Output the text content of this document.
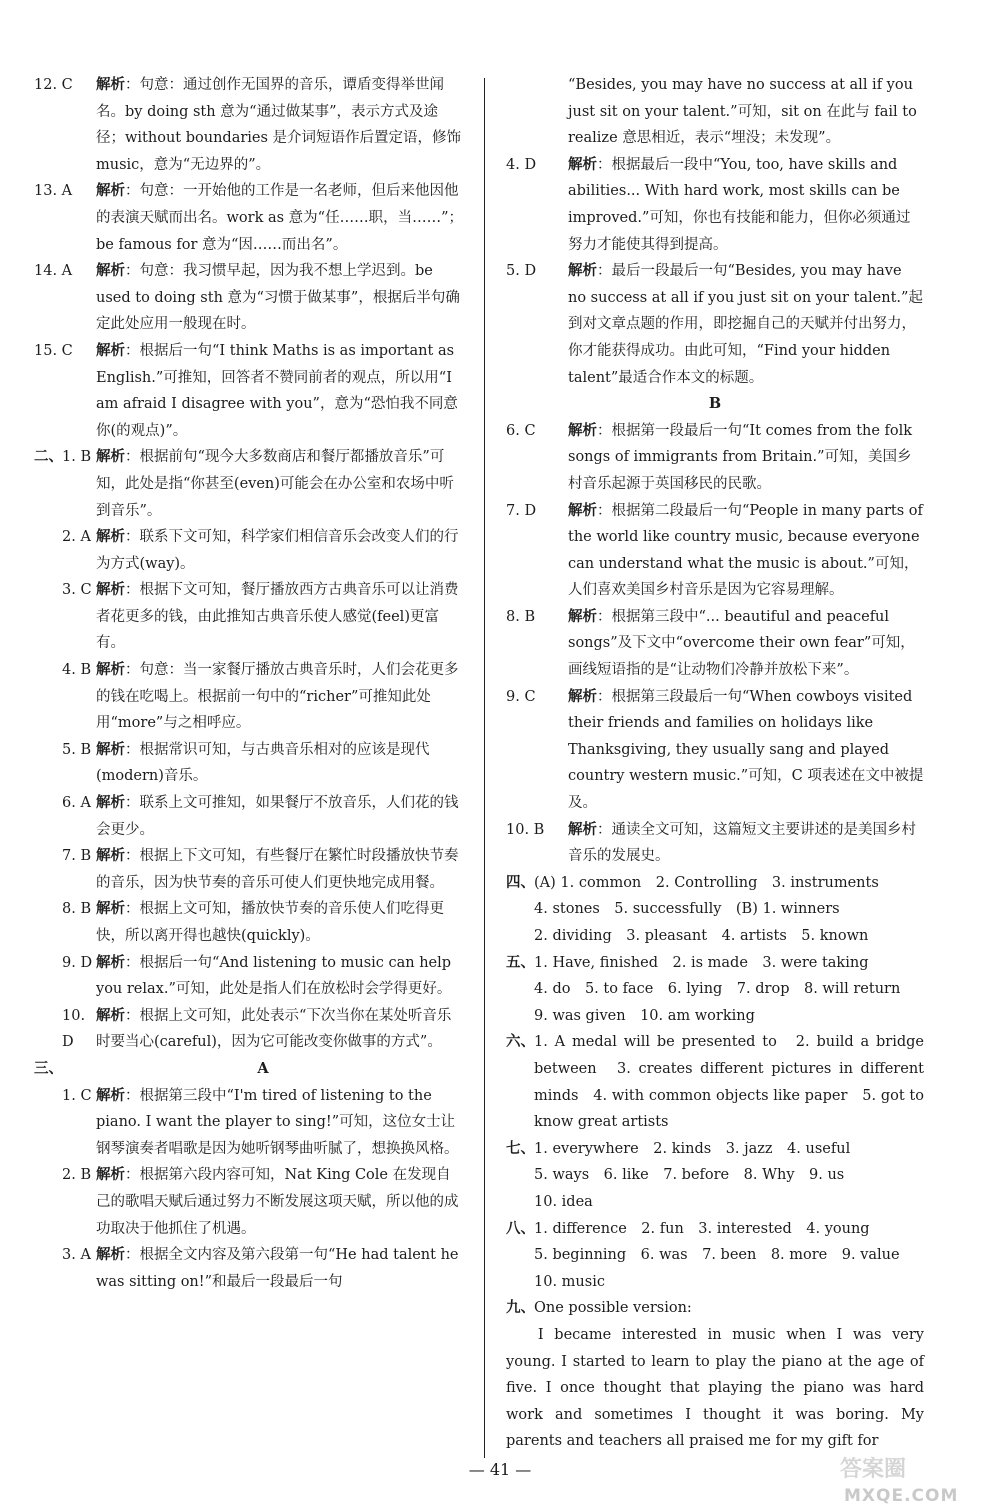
12. C	解析：句意：通过创作无国界的音乐，谭盾变得举世闻名。by doing sth 意为“通过做某事”，表示方式及途径；without boundaries 是介词短语作后置定语，修饰 music，意为“无边界的”。
13. A	解析：句意：一开始他的工作是一名老师，但后来他因他的表演天赋而出名。work as 意为“任……职，当……”；be famous for 意为“因……而出名”。
14. A	解析：句意：我习惯早起，因为我不想上学迟到。be used to doing sth 意为“习惯于做某事”，根据后半句确定此处应用一般现在时。
15. C	解析：根据后一句“I think Maths is as important as English.”可推知，回答者不赞同前者的观点，所以用“I am afraid I disagree with you”，意为“恐怕我不同意你(的观点)”。
二、 1. B 解析：根据前句“现今大多数商店和餐厅都播放音乐”可知，此处是指“你甚至(even)可能会在办公室和农场中听到音乐”。
2. A 解析：联系下文可知，科学家们相信音乐会改变人们的行为方式(way)。
3. C 解析：根据下文可知，餐厅播放西方古典音乐可以让消费者花更多的钱，由此推知古典音乐使人感觉(feel)更富有。
4. B 解析：句意：当一家餐厅播放古典音乐时，人们会花更多的钱在吃喝上。根据前一句中的“richer”可推知此处用“more”与之相呼应。
5. B 解析：根据常识可知，与古典音乐相对的应该是现代(modern)音乐。
6. A 解析：联系上文可推知，如果餐厅不放音乐，人们花的钱会更少。
7. B 解析：根据上下文可知，有些餐厅在繁忙时段播放快节奏的音乐，因为快节奏的音乐可使人们更快地完成用餐。
8. B 解析：根据上文可知，播放快节奏的音乐使人们吃得更快，所以离开得也越快(quickly)。
9. D 解析：根据后一句“And listening to music can help you relax.”可知，此处是指人们在放松时会学得更好。
10. D
解析：根据上文可知，此处表示“下次当你在某处听音乐时要当心(careful)，因为它可能改变你做事的方式”。
三、	A
1. C 解析：根据第三段中“I'm tired of listening to the piano. I want the player to sing!”可知，这位女士让钢琴演奏者唱歌是因为她听钢琴曲听腻了，想换换风格。
2. B 解析：根据第六段内容可知，Nat King Cole 在发现自己的歌唱天赋后通过努力不断发展这项天赋，所以他的成功取决于他抓住了机遇。
3. A 解析：根据全文内容及第六段第一句“He had talent he was sitting on!”和最后一段最后一句
“Besides, you may have no success at all if you just sit on your talent.”可知，sit on 在此与 fail to realize 意思相近，表示“埋没；未发现”。
4. D	解析：根据最后一段中“You, too, have skills and abilities... With hard work, most skills can be improved.”可知，你也有技能和能力，但你必须通过努力才能使其得到提高。
5. D	解析：最后一段最后一句“Besides, you may have no success at all if you just sit on your talent.”起到对文章点题的作用，即挖掘自己的天赋并付出努力，你才能获得成功。由此可知，“Find your hidden talent”最适合作本文的标题。
B
6. C	解析：根据第一段最后一句“It comes from the folk songs of immigrants from Britain.”可知，美国乡村音乐起源于英国移民的民歌。
7. D	解析：根据第二段最后一句“People in many parts of the world like country music, because everyone can understand what the music is about.”可知，人们喜欢美国乡村音乐是因为它容易理解。
8. B	解析：根据第三段中“... beautiful and peaceful songs”及下文中“overcome their own fear”可知，画线短语指的是“让动物们冷静并放松下来”。
9. C	解析：根据第三段最后一句“When cowboys visited their friends and families on holidays like Thanksgiving, they usually sang and played country western music.”可知，C 项表述在文中被提及。
10. B	解析：通读全文可知，这篇短文主要讲述的是美国乡村音乐的发展史。
四、 (A) 1. common　2. Controlling　3. instruments
4. stones　5. successfully　(B) 1. winners
2. dividing　3. pleasant　4. artists　5. known
五、 1. Have, finished　2. is made　3. were taking
4. do　5. to face　6. lying　7. drop　8. will return
9. was given　10. am working
六、 1. A medal will be presented to　2. build a bridge between　3. creates different pictures in different minds　4. with common objects like paper　5. got to know great artists
七、 1. everywhere　2. kinds　3. jazz　4. useful
5. ways　6. like　7. before　8. Why　9. us
10. idea
八、 1. difference　2. fun　3. interested　4. young
5. beginning　6. was　7. been　8. more　9. value
10. music
九、 One possible version:
I became interested in music when I was very young. I started to learn to play the piano at the age of five. I once thought that playing the piano was hard work and sometimes I thought it was boring. My parents and teachers all praised me for my gift for
— 41 —	答案圈
MXQE.COM
